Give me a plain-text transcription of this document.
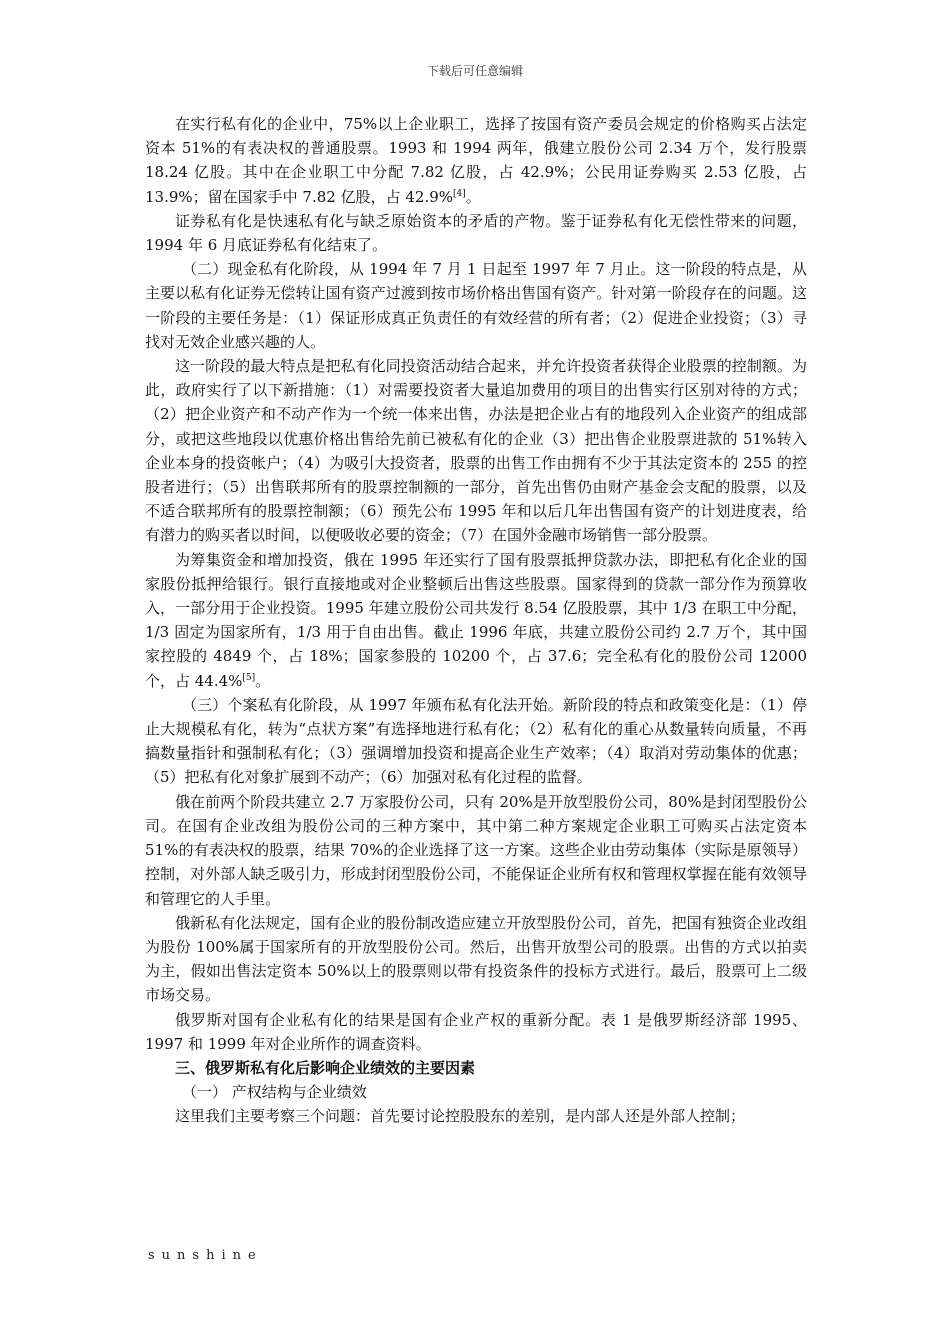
下载后可任意编辑

在实行私有化的企业中，75%以上企业职工，选择了按国有资产委员会规定的价格购买占法定资本 51%的有表决权的普通股票。1993 和 1994 两年，俄建立股份公司 2.34 万个，发行股票 18.24 亿股。其中在企业职工中分配 7.82 亿股，占 42.9%；公民用证券购买 2.53 亿股，占 13.9%；留在国家手中 7.82 亿股，占 42.9%[4]。

证券私有化是快速私有化与缺乏原始资本的矛盾的产物。鉴于证券私有化无偿性带来的问题，1994 年 6 月底证券私有化结束了。

（二）现金私有化阶段，从 1994 年 7 月 1 日起至 1997 年 7 月止。这一阶段的特点是，从主要以私有化证券无偿转让国有资产过渡到按市场价格出售国有资产。针对第一阶段存在的问题。这一阶段的主要任务是：（1）保证形成真正负责任的有效经营的所有者；（2）促进企业投资；（3）寻找对无效企业感兴趣的人。

这一阶段的最大特点是把私有化同投资活动结合起来，并允许投资者获得企业股票的控制额。为此，政府实行了以下新措施：（1）对需要投资者大量追加费用的项目的出售实行区别对待的方式；（2）把企业资产和不动产作为一个统一体来出售，办法是把企业占有的地段列入企业资产的组成部分，或把这些地段以优惠价格出售给先前已被私有化的企业（3）把出售企业股票进款的 51%转入企业本身的投资帐户；（4）为吸引大投资者，股票的出售工作由拥有不少于其法定资本的 255 的控股者进行；（5）出售联邦所有的股票控制额的一部分，首先出售仍由财产基金会支配的股票，以及不适合联邦所有的股票控制额；（6）预先公布 1995 年和以后几年出售国有资产的计划进度表，给有潜力的购买者以时间，以便吸收必要的资金；（7）在国外金融市场销售一部分股票。

为筹集资金和增加投资，俄在 1995 年还实行了国有股票抵押贷款办法，即把私有化企业的国家股份抵押给银行。银行直接地或对企业整顿后出售这些股票。国家得到的贷款一部分作为预算收入，一部分用于企业投资。1995 年建立股份公司共发行 8.54 亿股股票，其中 1/3 在职工中分配，1/3 固定为国家所有，1/3 用于自由出售。截止 1996 年底，共建立股份公司约 2.7 万个，其中国家控股的 4849 个，占 18%；国家参股的 10200 个，占 37.6；完全私有化的股份公司 12000 个，占 44.4%[5]。

（三）个案私有化阶段，从 1997 年颁布私有化法开始。新阶段的特点和政策变化是：（1）停止大规模私有化，转为“点状方案”有选择地进行私有化；（2）私有化的重心从数量转向质量，不再搞数量指针和强制私有化；（3）强调增加投资和提高企业生产效率；（4）取消对劳动集体的优惠；（5）把私有化对象扩展到不动产；（6）加强对私有化过程的监督。

俄在前两个阶段共建立 2.7 万家股份公司，只有 20%是开放型股份公司，80%是封闭型股份公司。在国有企业改组为股份公司的三种方案中，其中第二种方案规定企业职工可购买占法定资本 51%的有表决权的股票，结果 70%的企业选择了这一方案。这些企业由劳动集体（实际是原领导）控制，对外部人缺乏吸引力，形成封闭型股份公司，不能保证企业所有权和管理权掌握在能有效领导和管理它的人手里。

俄新私有化法规定，国有企业的股份制改造应建立开放型股份公司，首先，把国有独资企业改组为股份 100%属于国家所有的开放型股份公司。然后，出售开放型公司的股票。出售的方式以拍卖为主，假如出售法定资本 50%以上的股票则以带有投资条件的投标方式进行。最后，股票可上二级市场交易。

俄罗斯对国有企业私有化的结果是国有企业产权的重新分配。表 1 是俄罗斯经济部 1995、1997 和 1999 年对企业所作的调查资料。

三、俄罗斯私有化后影响企业绩效的主要因素

（一） 产权结构与企业绩效

这里我们主要考察三个问题：首先要讨论控股股东的差别，是内部人还是外部人控制；

sunshine
